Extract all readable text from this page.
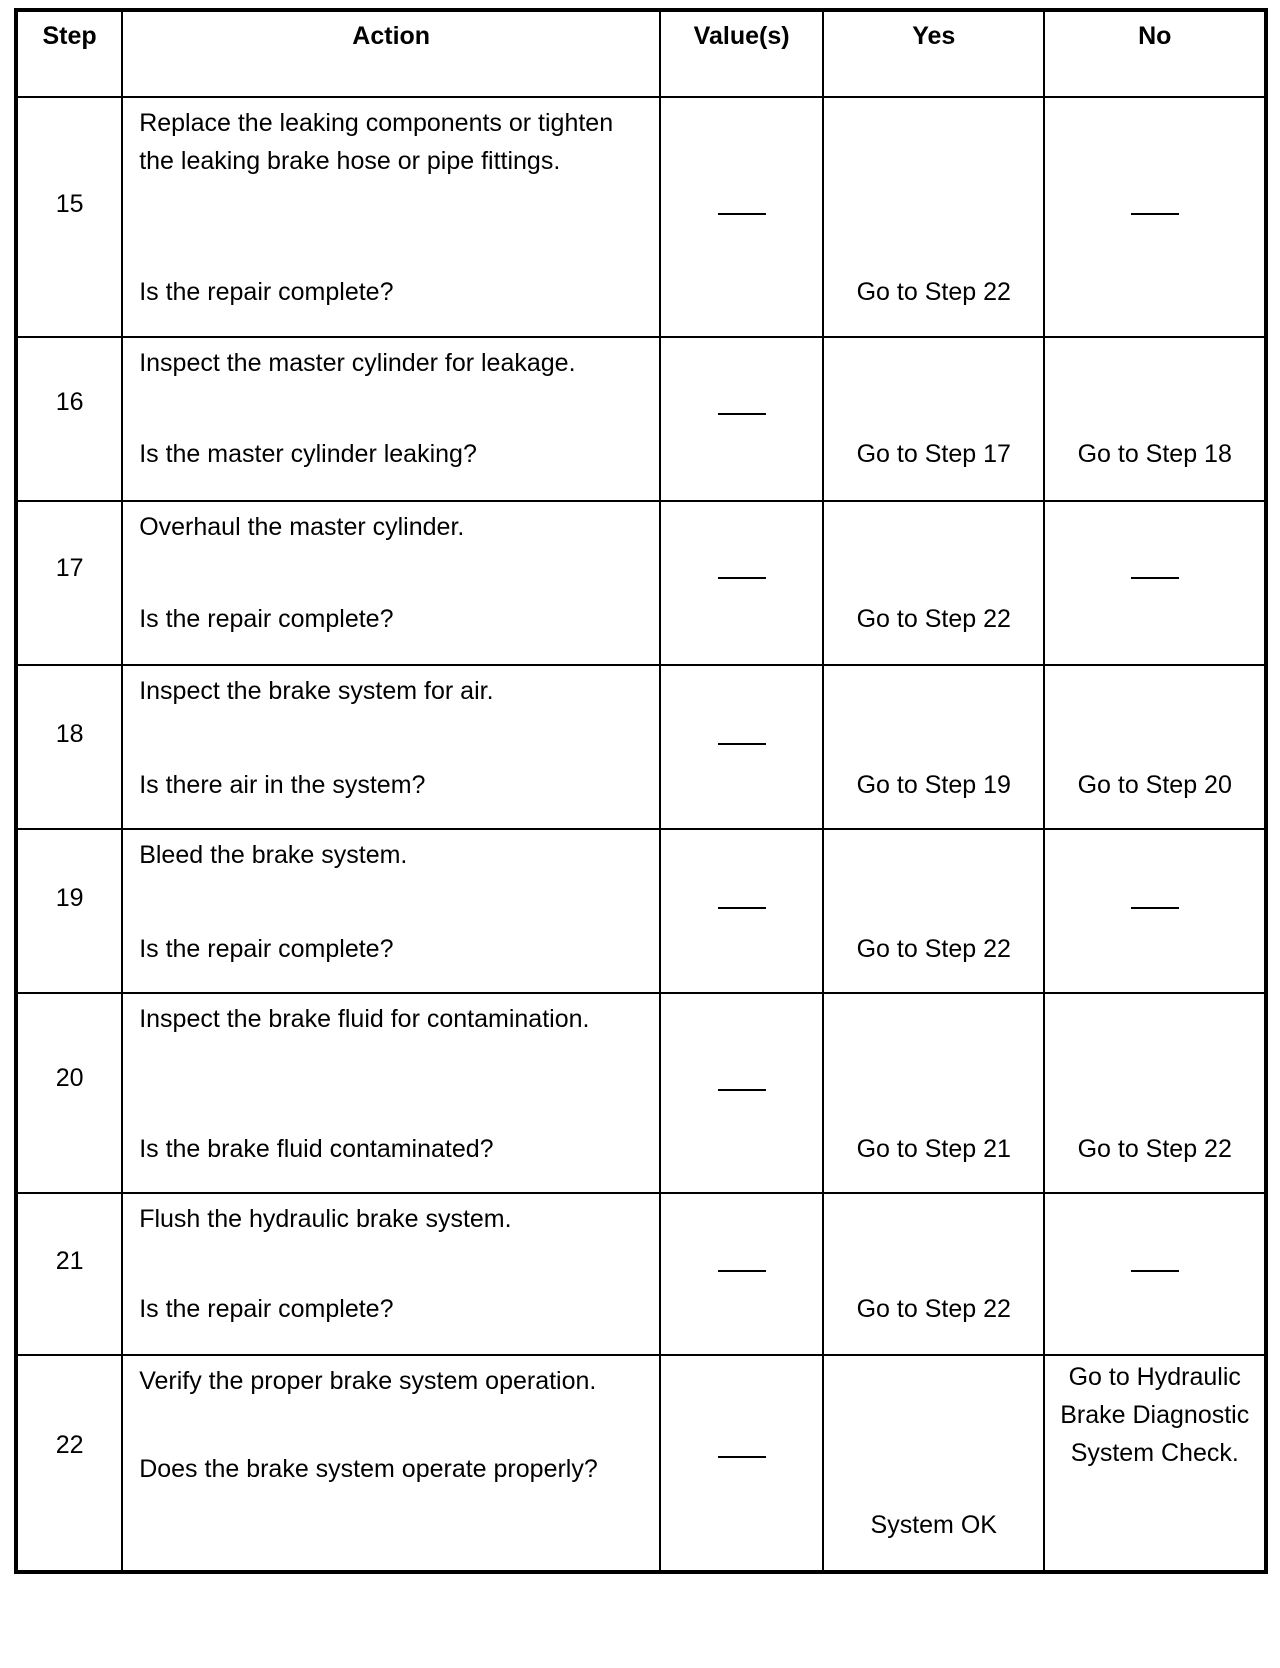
Step	Action	Value(s)	Yes	No

15	Replace the leaking components or tighten the leaking brake hose or pipe fittings.
Is the repair complete?		Go to Step 22	

16	Inspect the master cylinder for leakage.
Is the master cylinder leaking?		Go to Step 17	Go to Step 18

17	Overhaul the master cylinder.
Is the repair complete?		Go to Step 22	

18	Inspect the brake system for air.
Is there air in the system?		Go to Step 19	Go to Step 20

19	Bleed the brake system.
Is the repair complete?		Go to Step 22	

20	Inspect the brake fluid for contamination.
Is the brake fluid contaminated?		Go to Step 21	Go to Step 22

21	Flush the hydraulic brake system.
Is the repair complete?		Go to Step 22	

22	Verify the proper brake system operation.
Does the brake system operate properly?		System OK	Go to Hydraulic Brake Diagnostic System Check.
